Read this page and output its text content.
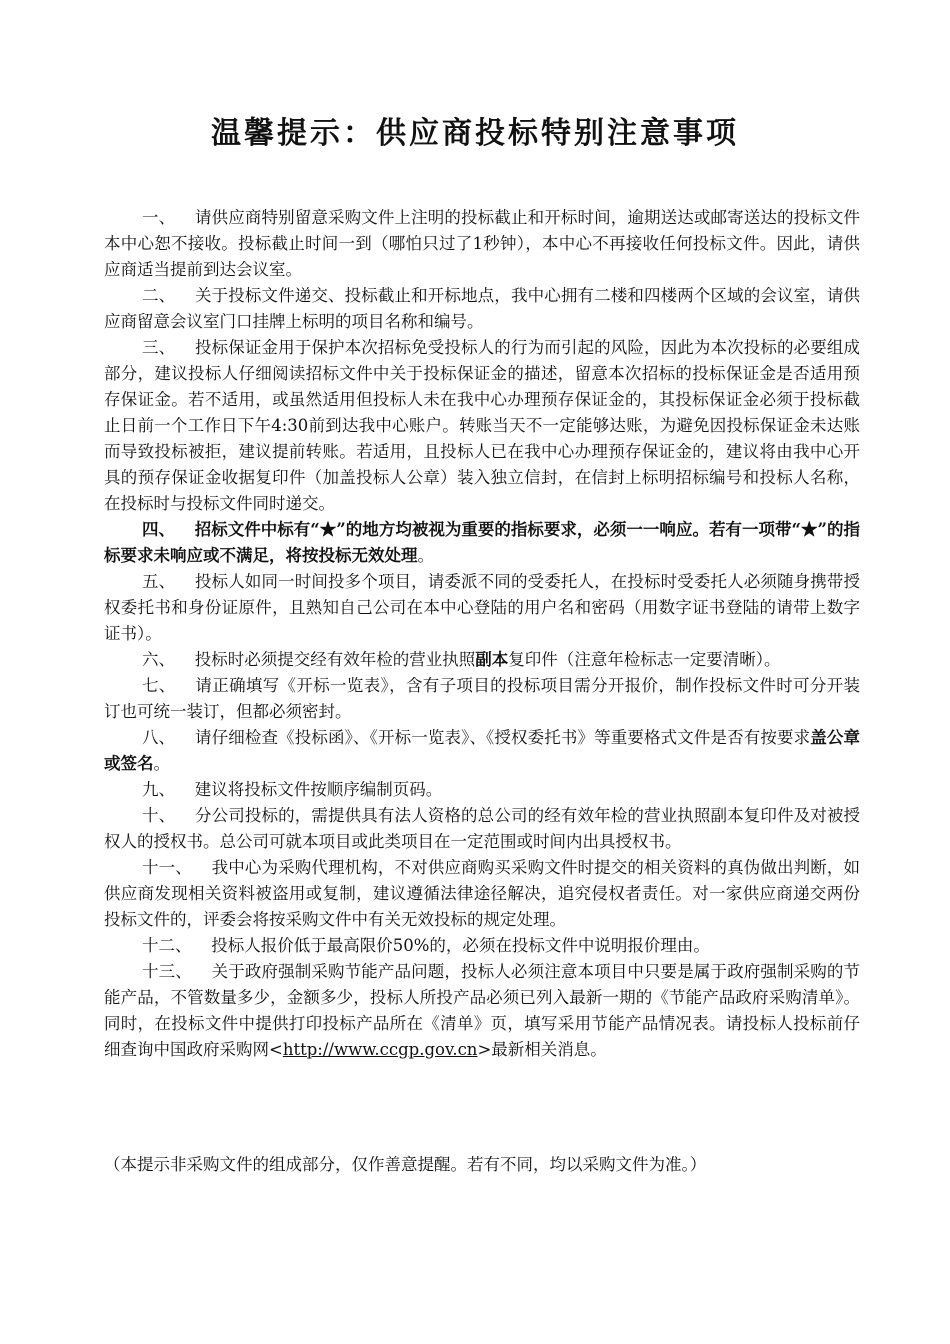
温馨提示：供应商投标特别注意事项

一、 请供应商特别留意采购文件上注明的投标截止和开标时间，逾期送达或邮寄送达的投标文件本中心恕不接收。投标截止时间一到（哪怕只过了1秒钟），本中心不再接收任何投标文件。因此，请供应商适当提前到达会议室。

二、 关于投标文件递交、投标截止和开标地点，我中心拥有二楼和四楼两个区域的会议室，请供应商留意会议室门口挂牌上标明的项目名称和编号。

三、 投标保证金用于保护本次招标免受投标人的行为而引起的风险，因此为本次投标的必要组成部分，建议投标人仔细阅读招标文件中关于投标保证金的描述，留意本次招标的投标保证金是否适用预存保证金。若不适用，或虽然适用但投标人未在我中心办理预存保证金的，其投标保证金必须于投标截止日前一个工作日下午4:30前到达我中心账户。转账当天不一定能够达账，为避免因投标保证金未达账而导致投标被拒，建议提前转账。若适用，且投标人已在我中心办理预存保证金的，建议将由我中心开具的预存保证金收据复印件（加盖投标人公章）装入独立信封，在信封上标明招标编号和投标人名称，在投标时与投标文件同时递交。

四、 招标文件中标有“★”的地方均被视为重要的指标要求，必须一一响应。若有一项带“★”的指标要求未响应或不满足，将按投标无效处理。

五、 投标人如同一时间投多个项目，请委派不同的受委托人，在投标时受委托人必须随身携带授权委托书和身份证原件，且熟知自己公司在本中心登陆的用户名和密码（用数字证书登陆的请带上数字证书）。

六、 投标时必须提交经有效年检的营业执照副本复印件（注意年检标志一定要清晰）。

七、 请正确填写《开标一览表》，含有子项目的投标项目需分开报价，制作投标文件时可分开装订也可统一装订，但都必须密封。

八、 请仔细检查《投标函》、《开标一览表》、《授权委托书》等重要格式文件是否有按要求盖公章或签名。

九、 建议将投标文件按顺序编制页码。

十、 分公司投标的，需提供具有法人资格的总公司的经有效年检的营业执照副本复印件及对被授权人的授权书。总公司可就本项目或此类项目在一定范围或时间内出具授权书。

十一、 我中心为采购代理机构，不对供应商购买采购文件时提交的相关资料的真伪做出判断，如供应商发现相关资料被盗用或复制，建议遵循法律途径解决，追究侵权者责任。对一家供应商递交两份投标文件的，评委会将按采购文件中有关无效投标的规定处理。

十二、 投标人报价低于最高限价50%的，必须在投标文件中说明报价理由。

十三、 关于政府强制采购节能产品问题，投标人必须注意本项目中只要是属于政府强制采购的节能产品，不管数量多少，金额多少，投标人所投产品必须已列入最新一期的《节能产品政府采购清单》。同时，在投标文件中提供打印投标产品所在《清单》页，填写采用节能产品情况表。请投标人投标前仔细查询中国政府采购网<http://www.ccgp.gov.cn>最新相关消息。

（本提示非采购文件的组成部分，仅作善意提醒。若有不同，均以采购文件为准。）
